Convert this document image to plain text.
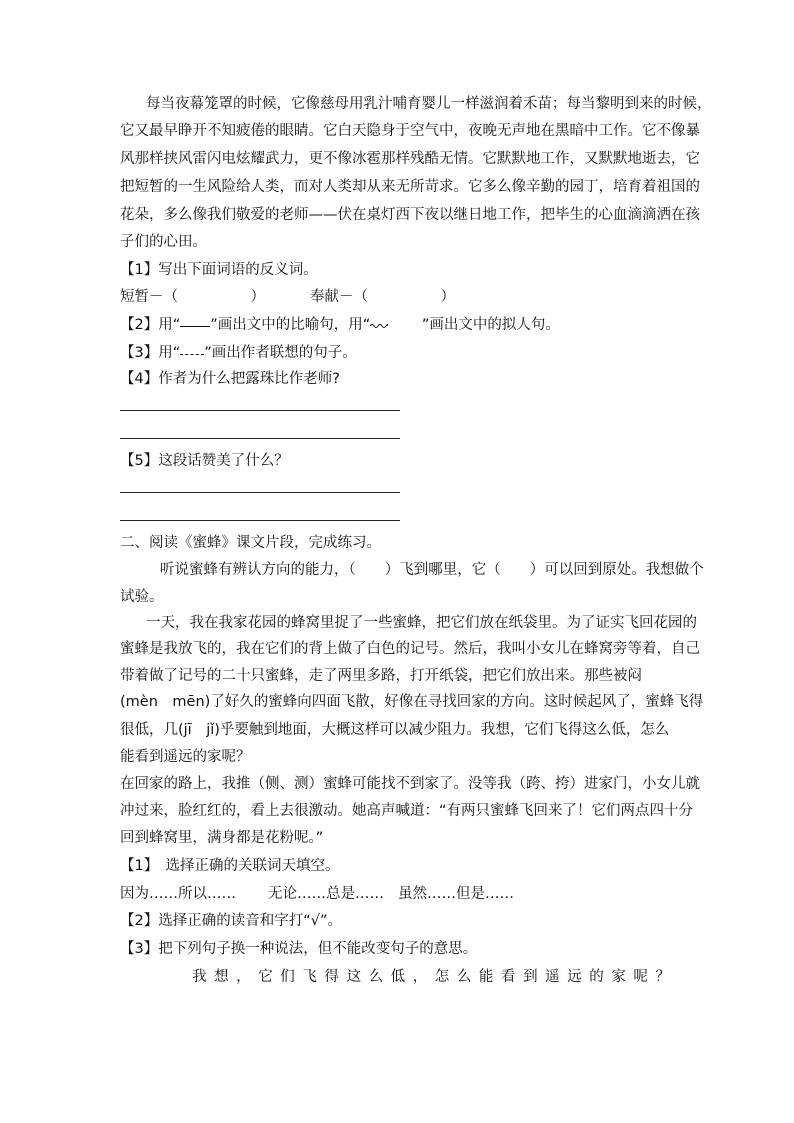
每当夜幕笼罩的时候，它像慈母用乳汁哺育婴儿一样滋润着禾苗；每当黎明到来的时候，
它又最早睁开不知疲倦的眼睛。它白天隐身于空气中，夜晚无声地在黑暗中工作。它不像暴
风那样挟风雷闪电炫耀武力，更不像冰雹那样残酷无情。它默默地工作，又默默地逝去，它
把短暂的一生风险给人类，而对人类却从来无所苛求。它多么像辛勤的园丁，培育着祖国的
花朵，多么像我们敬爱的老师——伏在桌灯西下夜以继日地工作，把毕生的心血滴滴洒在孩
子们的心田。
【1】写出下面词语的反义词。
短暂－（　　　　　）	奉献－（　　　　　）
【2】用“ ”画出文中的比喻句，用“　　 ”画出文中的拟人句。
【3】用“ ”画出作者联想的句子。
【4】作者为什么把露珠比作老师?
【5】这段话赞美了什么？
二、阅读《蜜蜂》课文片段，完成练习。
听说蜜蜂有辨认方向的能力，（　　）飞到哪里，它（　　）可以回到原处。我想做个
试验。
一天，我在我家花园的蜂窝里捉了一些蜜蜂，把它们放在纸袋里。为了证实飞回花园的
蜜蜂是我放飞的，我在它们的背上做了白色的记号。然后，我叫小女儿在蜂窝旁等着，自己
带着做了记号的二十只蜜蜂，走了两里多路，打开纸袋，把它们放出来。那些被闷
(mèn　mēn)了好久的蜜蜂向四面飞散，好像在寻找回家的方向。这时候起风了，蜜蜂飞得
很低，几(jī　jǐ)乎要触到地面，大概这样可以减少阻力。我想，它们飞得这么低，怎么
能看到遥远的家呢？
在回家的路上，我推（侧、测）蜜蜂可能找不到家了。没等我（跨、挎）进家门，小女儿就
冲过来，脸红红的，看上去很激动。她高声喊道：“有两只蜜蜂飞回来了！它们两点四十分
回到蜂窝里，满身都是花粉呢。”
【1】　选择正确的关联词天填空。
因为……所以…… 无论……总是…… 虽然……但是……
【2】选择正确的读音和字打“√”。
【3】把下列句子换一种说法，但不能改变句子的意思。
我想，它们飞得这么低，怎么能看到遥远的家呢？
